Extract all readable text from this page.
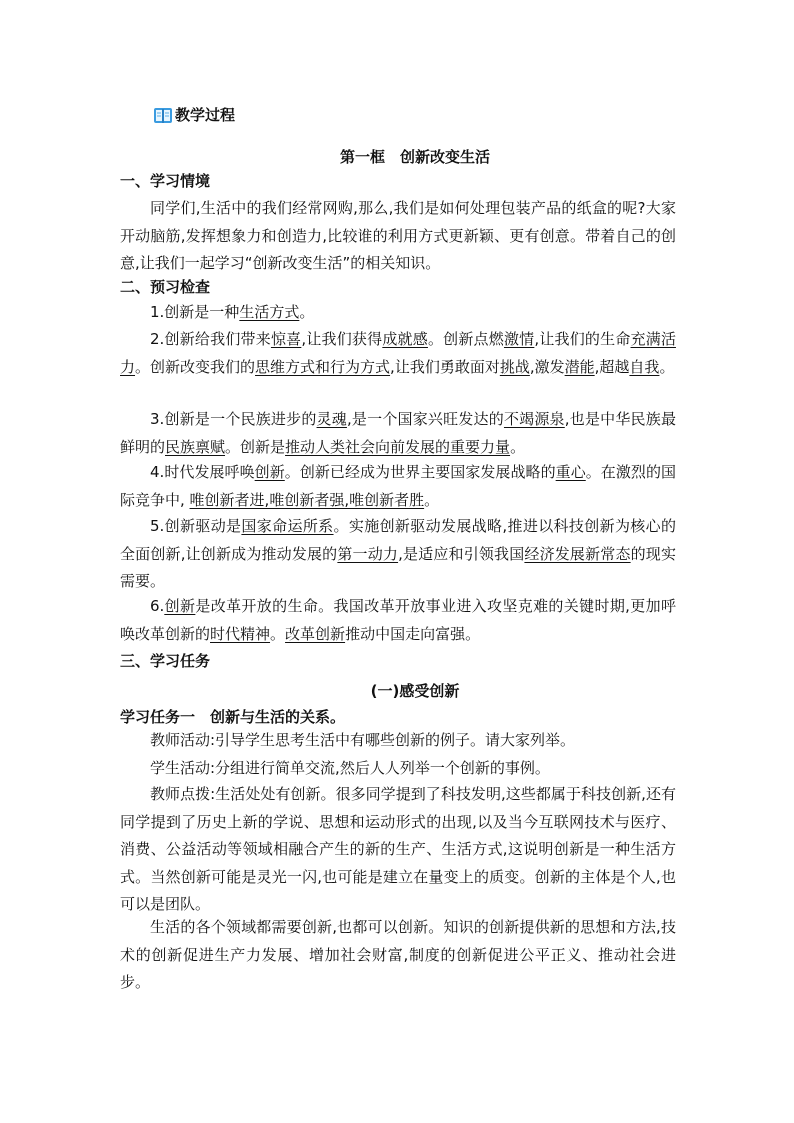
教学过程
第一框　创新改变生活
一、学习情境
同学们,生活中的我们经常网购,那么,我们是如何处理包装产品的纸盒的呢?大家开动脑筋,发挥想象力和创造力,比较谁的利用方式更新颖、更有创意。带着自己的创意,让我们一起学习“创新改变生活”的相关知识。
二、预习检查
1.创新是一种生活方式。
2.创新给我们带来惊喜,让我们获得成就感。创新点燃激情,让我们的生命充满活力。创新改变我们的思维方式和行为方式,让我们勇敢面对挑战,激发潜能,超越自我。
3.创新是一个民族进步的灵魂,是一个国家兴旺发达的不竭源泉,也是中华民族最鲜明的民族禀赋。创新是推动人类社会向前发展的重要力量。
4.时代发展呼唤创新。创新已经成为世界主要国家发展战略的重心。在激烈的国际竞争中, 唯创新者进,唯创新者强,唯创新者胜。
5.创新驱动是国家命运所系。实施创新驱动发展战略,推进以科技创新为核心的全面创新,让创新成为推动发展的第一动力,是适应和引领我国经济发展新常态的现实需要。
6.创新是改革开放的生命。我国改革开放事业进入攻坚克难的关键时期,更加呼唤改革创新的时代精神。改革创新推动中国走向富强。
三、学习任务
(一)感受创新
学习任务一　创新与生活的关系。
教师活动:引导学生思考生活中有哪些创新的例子。请大家列举。
学生活动:分组进行简单交流,然后人人列举一个创新的事例。
教师点拨:生活处处有创新。很多同学提到了科技发明,这些都属于科技创新,还有同学提到了历史上新的学说、思想和运动形式的出现,以及当今互联网技术与医疗、消费、公益活动等领域相融合产生的新的生产、生活方式,这说明创新是一种生活方式。当然创新可能是灵光一闪,也可能是建立在量变上的质变。创新的主体是个人,也可以是团队。
生活的各个领域都需要创新,也都可以创新。知识的创新提供新的思想和方法,技术的创新促进生产力发展、增加社会财富,制度的创新促进公平正义、推动社会进步。
